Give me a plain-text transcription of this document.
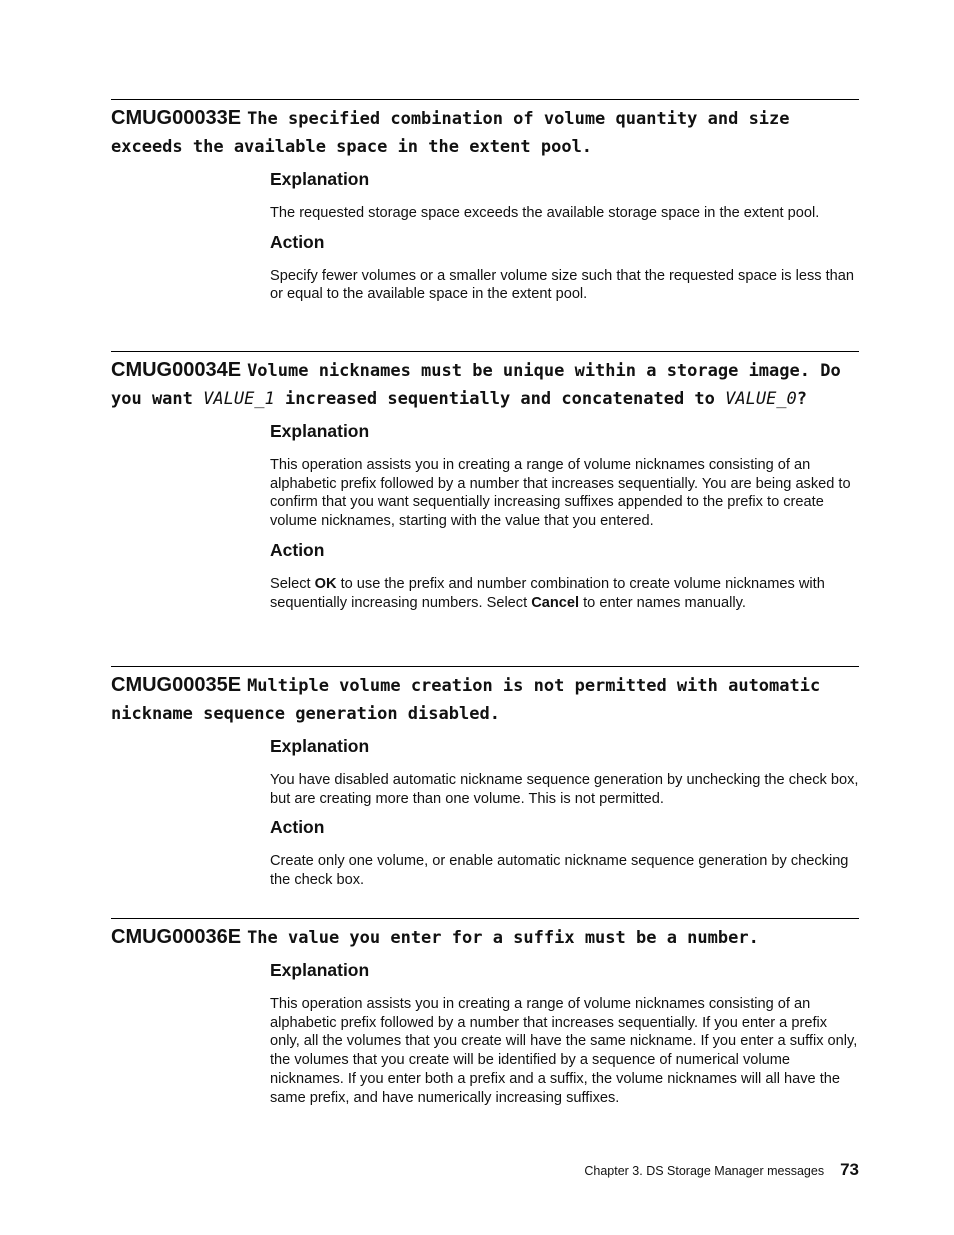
CMUG00033E The specified combination of volume quantity and size exceeds the available space in the extent pool.
Explanation

The requested storage space exceeds the available storage space in the extent pool.

Action

Specify fewer volumes or a smaller volume size such that the requested space is less than or equal to the available space in the extent pool.

CMUG00034E Volume nicknames must be unique within a storage image. Do you want VALUE_1 increased sequentially and concatenated to VALUE_0?
Explanation

This operation assists you in creating a range of volume nicknames consisting of an alphabetic prefix followed by a number that increases sequentially. You are being asked to confirm that you want sequentially increasing suffixes appended to the prefix to create volume nicknames, starting with the value that you entered.

Action

Select OK to use the prefix and number combination to create volume nicknames with sequentially increasing numbers. Select Cancel to enter names manually.

CMUG00035E Multiple volume creation is not permitted with automatic nickname sequence generation disabled.
Explanation

You have disabled automatic nickname sequence generation by unchecking the check box, but are creating more than one volume. This is not permitted.

Action

Create only one volume, or enable automatic nickname sequence generation by checking the check box.

CMUG00036E The value you enter for a suffix must be a number.
Explanation

This operation assists you in creating a range of volume nicknames consisting of an alphabetic prefix followed by a number that increases sequentially. If you enter a prefix only, all the volumes that you create will have the same nickname. If you enter a suffix only, the volumes that you create will be identified by a sequence of numerical volume nicknames. If you enter both a prefix and a suffix, the volume nicknames will all have the same prefix, and have numerically increasing suffixes.

Chapter 3. DS Storage Manager messages 73
